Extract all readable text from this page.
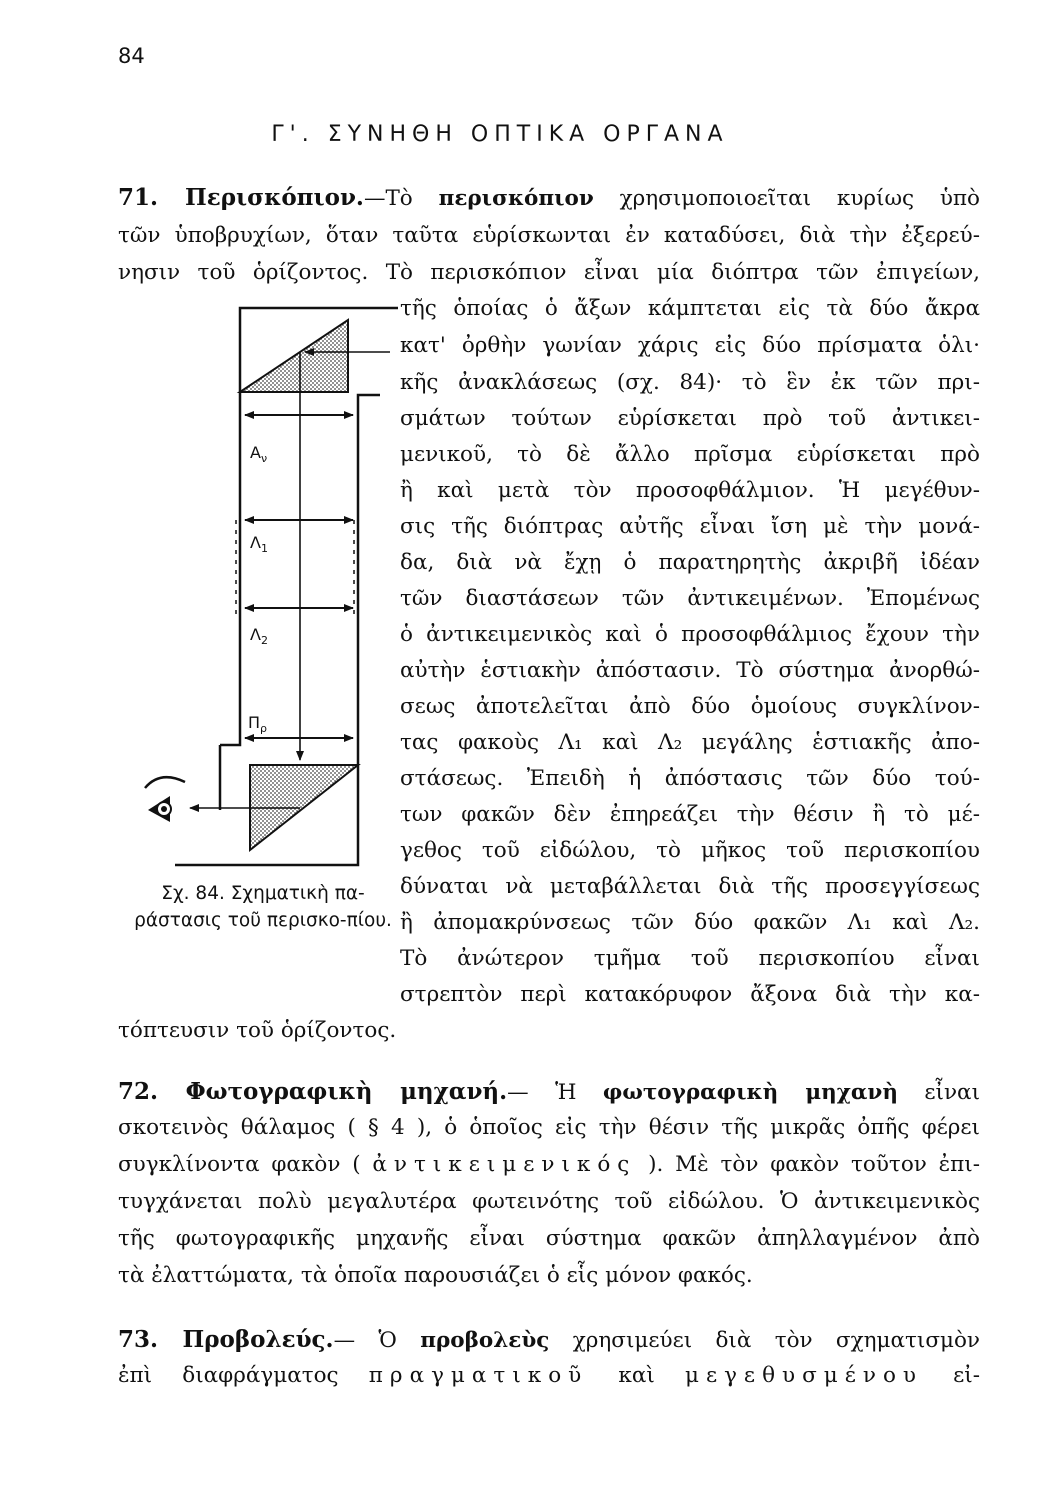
84
Γ'. ΣΥΝΗΘΗ ΟΠΤΙΚΑ ΟΡΓΑΝΑ
71. Περισκόπιον.—Τὸ περισκόπιον χρησιμοποιοεῖται κυρίως ὑπὸ
τῶν ὑποβρυχίων, ὅταν ταῦτα εὑρίσκωνται ἐν καταδύσει, διὰ τὴν ἐξερεύ-
νησιν τοῦ ὁρίζοντος. Τὸ περισκόπιον εἶναι μία διόπτρα τῶν ἐπιγείων,
τῆς ὁποίας ὁ ἄξων κάμπτεται εἰς τὰ δύο ἄκρα
κατ' ὀρθὴν γωνίαν χάρις εἰς δύο πρίσματα ὁλι·
κῆς ἀνακλάσεως (σχ. 84)· τὸ ἓν ἐκ τῶν πρι-
σμάτων τούτων εὑρίσκεται πρὸ τοῦ ἀντικει-
μενικοῦ, τὸ δὲ ἄλλο πρῖσμα εὑρίσκεται πρὸ
ἢ καὶ μετὰ τὸν προσοφθάλμιον. Ἡ μεγέθυν-
σις τῆς διόπτρας αὐτῆς εἶναι ἴση μὲ τὴν μονά-
δα, διὰ νὰ ἔχῃ ὁ παρατηρητὴς ἀκριβῆ ἰδέαν
τῶν διαστάσεων τῶν ἀντικειμένων. Ἐπομένως
ὁ ἀντικειμενικὸς καὶ ὁ προσοφθάλμιος ἔχουν τὴν
αὐτὴν ἑστιακὴν ἀπόστασιν. Τὸ σύστημα ἀνορθώ-
σεως ἀποτελεῖται ἀπὸ δύο ὁμοίους συγκλίνον-
τας φακοὺς Λ₁ καὶ Λ₂ μεγάλης ἑστιακῆς ἀπο-
στάσεως. Ἐπειδὴ ἡ ἀπόστασις τῶν δύο τού-
των φακῶν δὲν ἐπηρεάζει τὴν θέσιν ἢ τὸ μέ-
γεθος τοῦ εἰδώλου, τὸ μῆκος τοῦ περισκοπίου
δύναται νὰ μεταβάλλεται διὰ τῆς προσεγγίσεως
ἢ ἀπομακρύνσεως τῶν δύο φακῶν Λ₁ καὶ Λ₂.
Τὸ ἀνώτερον τμῆμα τοῦ περισκοπίου εἶναι
στρεπτὸν περὶ κατακόρυφον ἄξονα διὰ τὴν κα-
τόπτευσιν τοῦ ὁρίζοντος.
$A_\nu$
$\Lambda_1$
$\Lambda_2$
$\Pi_\rho$
Σχ. 84. Σχηματικὴ πα-ράστασις τοῦ περισκο-πίου.
72. Φωτογραφικὴ μηχανή.— Ἡ φωτογραφικὴ μηχανὴ εἶναι
σκοτεινὸς θάλαμος ( § 4 ), ὁ ὁποῖος εἰς τὴν θέσιν τῆς μικρᾶς ὀπῆς φέρει
συγκλίνοντα φακὸν ( ἀντικειμενικός ). Μὲ τὸν φακὸν τοῦτον ἐπι-
τυγχάνεται πολὺ μεγαλυτέρα φωτεινότης τοῦ εἰδώλου. Ὁ ἀντικειμενικὸς
τῆς φωτογραφικῆς μηχανῆς εἶναι σύστημα φακῶν ἀπηλλαγμένον ἀπὸ
τὰ ἐλαττώματα, τὰ ὁποῖα παρουσιάζει ὁ εἷς μόνον φακός.
73. Προβολεύς.— Ὁ προβολεὺς χρησιμεύει διὰ τὸν σχηματισμὸν
ἐπὶ διαφράγματος πραγματικοῦ καὶ μεγεθυσμένου εἰ-
